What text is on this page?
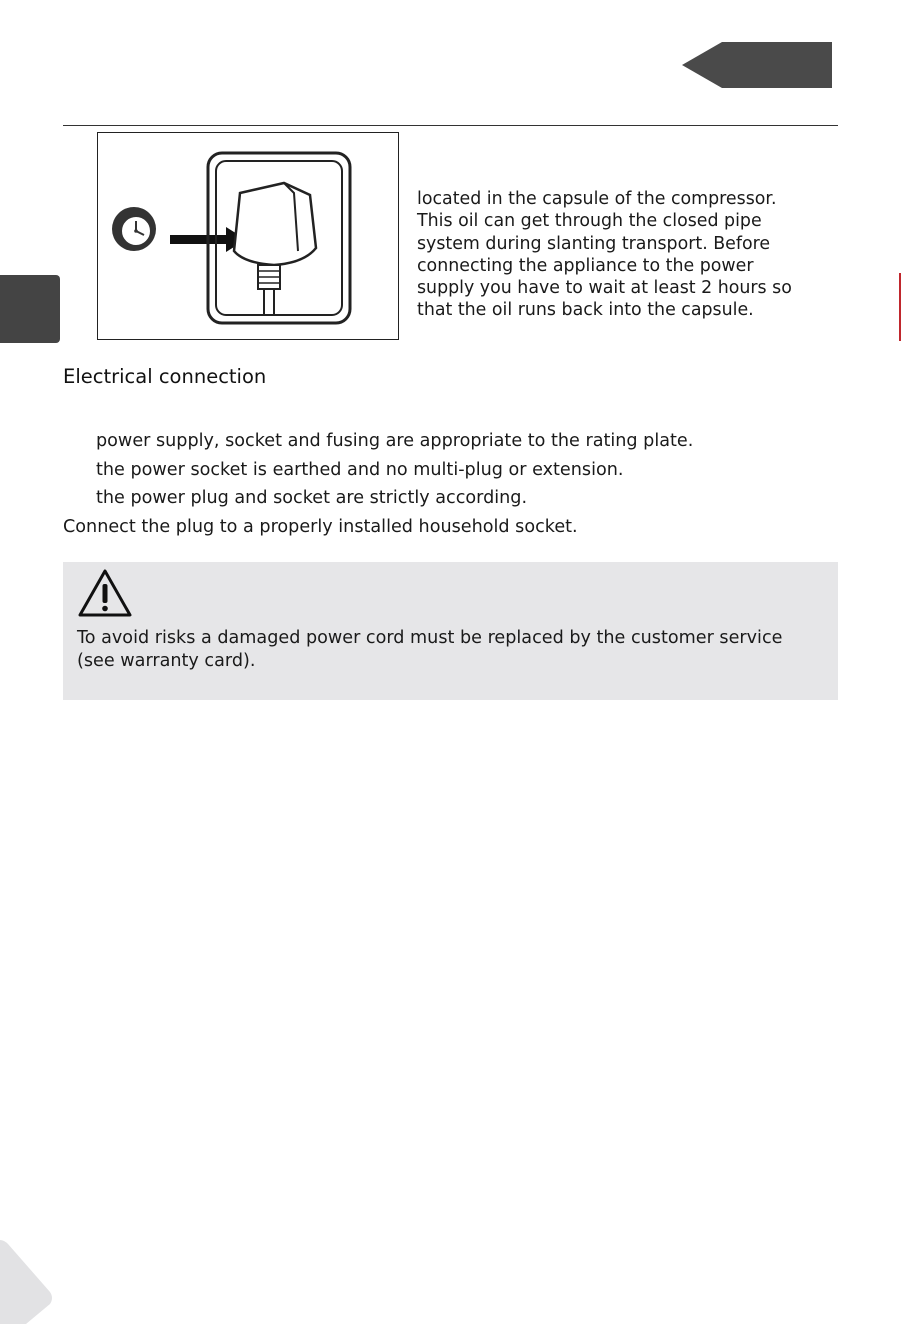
located in the capsule of the compressor.
This oil can get through the closed pipe
system during slanting transport. Before
connecting the appliance to the power
supply you have to wait at least 2 hours so
that the oil runs back into the capsule.
Electrical connection
power supply, socket and fusing are appropriate to the rating plate.
the power socket is earthed and no multi-plug or extension.
the power plug and socket are strictly according.
Connect the plug to a properly installed household socket.
To avoid risks a damaged power cord must be replaced by the customer service
(see warranty card).
